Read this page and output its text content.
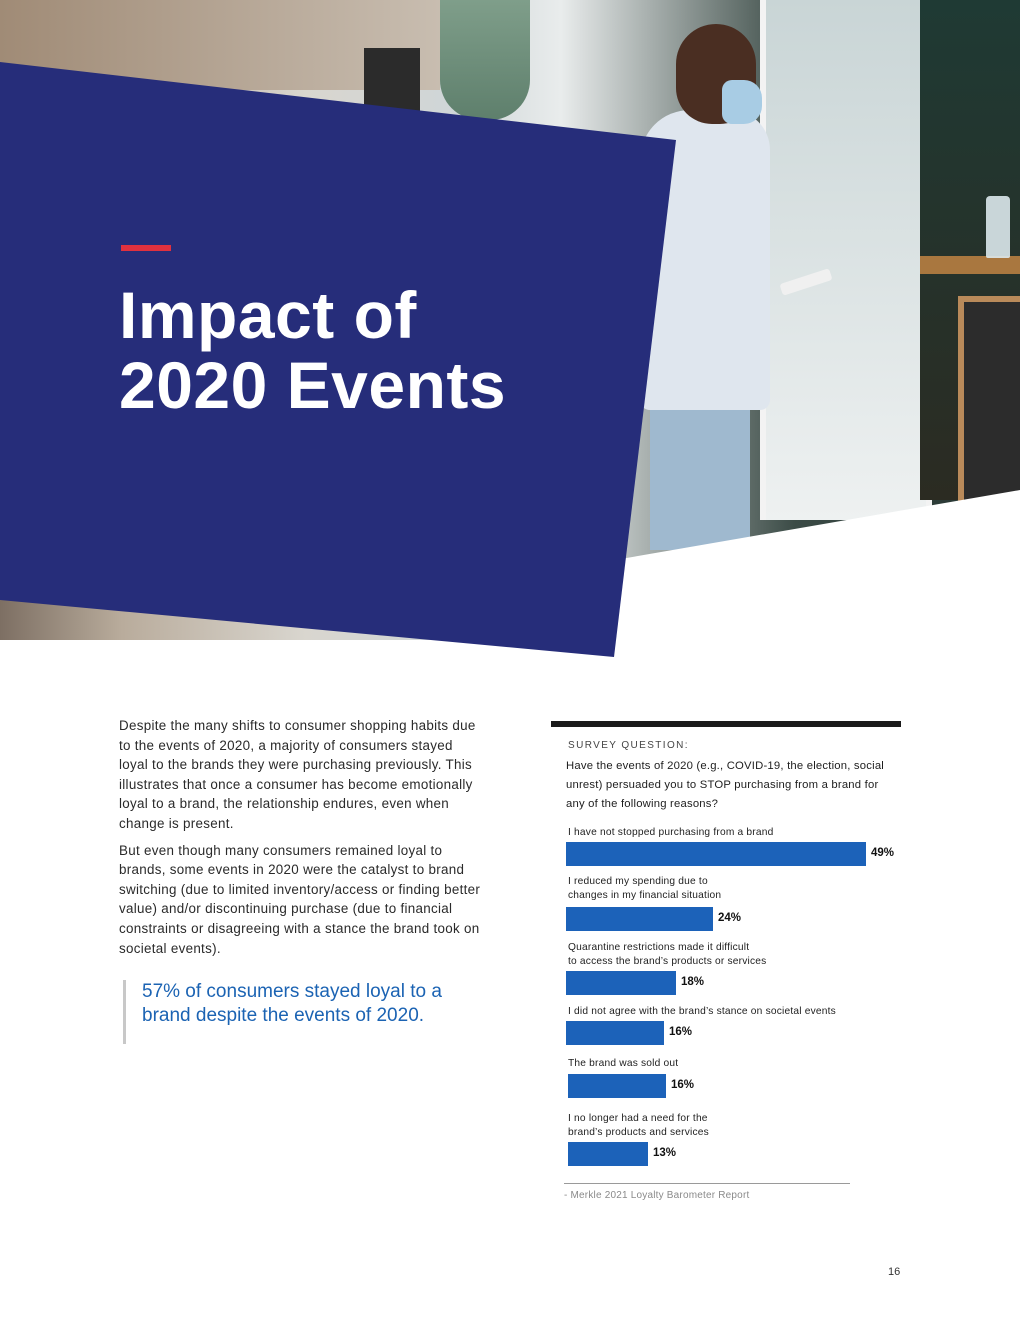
Impact of
2020 Events

Despite the many shifts to consumer shopping habits due to the events of 2020, a majority of consumers stayed loyal to the brands they were purchasing previously. This illustrates that once a consumer has become emotionally loyal to a brand, the relationship endures, even when change is present.

But even though many consumers remained loyal to brands, some events in 2020 were the catalyst to brand switching (due to limited inventory/access or finding better value) and/or discontinuing purchase (due to financial constraints or disagreeing with a stance the brand took on societal events).

57% of consumers stayed loyal to a brand despite the events of 2020.

SURVEY QUESTION:
Have the events of 2020 (e.g., COVID-19, the election, social unrest) persuaded you to STOP purchasing from a brand for any of the following reasons?
I have not stopped purchasing from a brand
49%
I reduced my spending due to
changes in my financial situation
24%
Quarantine restrictions made it difficult
to access the brand’s products or services
18%
I did not agree with the brand’s stance on societal events
16%
The brand was sold out
16%
I no longer had a need for the
brand’s products and services
13%
- Merkle 2021 Loyalty Barometer Report
16
